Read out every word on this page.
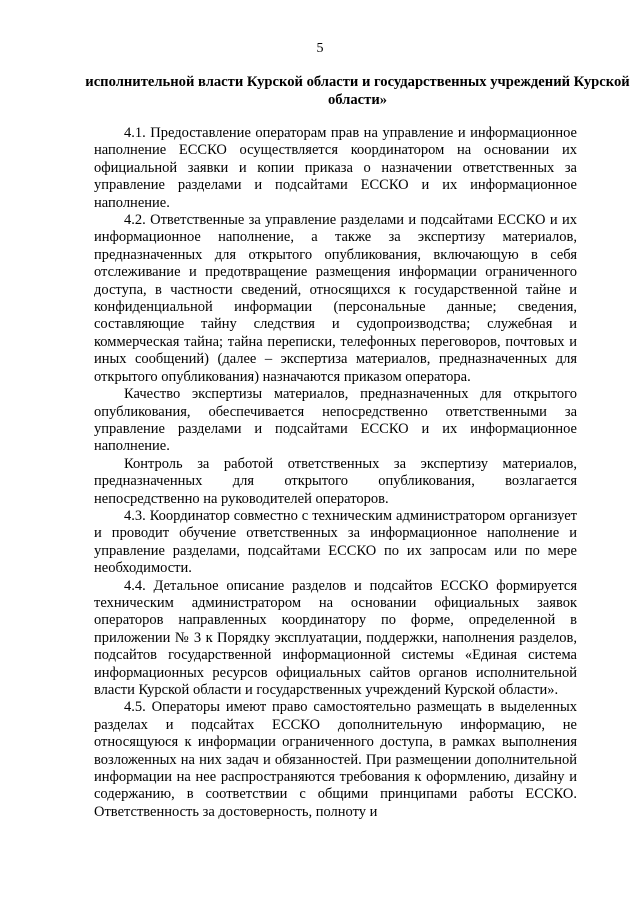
5
исполнительной власти Курской области и государственных учреждений Курской области»

4.1. Предоставление операторам прав на управление и информационное наполнение ЕССКО осуществляется координатором на основании их официальной заявки и копии приказа о назначении ответственных за управление разделами и подсайтами ЕССКО и их информационное наполнение.

4.2. Ответственные за управление разделами и подсайтами ЕССКО и их информационное наполнение, а также за экспертизу материалов, предназначенных для открытого опубликования, включающую в себя отслеживание и предотвращение размещения информации ограниченного доступа, в частности сведений, относящихся к государственной тайне и конфиденциальной информации (персональные данные; сведения, составляющие тайну следствия и судопроизводства; служебная и коммерческая тайна; тайна переписки, телефонных переговоров, почтовых и иных сообщений) (далее – экспертиза материалов, предназначенных для открытого опубликования) назначаются приказом оператора.

Качество экспертизы материалов, предназначенных для открытого опубликования, обеспечивается непосредственно ответственными за управление разделами и подсайтами ЕССКО и их информационное наполнение.

Контроль за работой ответственных за экспертизу материалов, предназначенных для открытого опубликования, возлагается непосредственно на руководителей операторов.

4.3. Координатор совместно с техническим администратором организует и проводит обучение ответственных за информационное наполнение и управление разделами, подсайтами ЕССКО по их запросам или по мере необходимости.

4.4. Детальное описание разделов и подсайтов ЕССКО формируется техническим администратором на основании официальных заявок операторов направленных координатору по форме, определенной в приложении № 3 к Порядку эксплуатации, поддержки, наполнения разделов, подсайтов государственной информационной системы «Единая система информационных ресурсов официальных сайтов органов исполнительной власти Курской области и государственных учреждений Курской области».

4.5. Операторы имеют право самостоятельно размещать в выделенных разделах и подсайтах ЕССКО дополнительную информацию, не относящуюся к информации ограниченного доступа, в рамках выполнения возложенных на них задач и обязанностей. При размещении дополнительной информации на нее распространяются требования к оформлению, дизайну и содержанию, в соответствии с общими принципами работы ЕССКО. Ответственность за достоверность, полноту и
